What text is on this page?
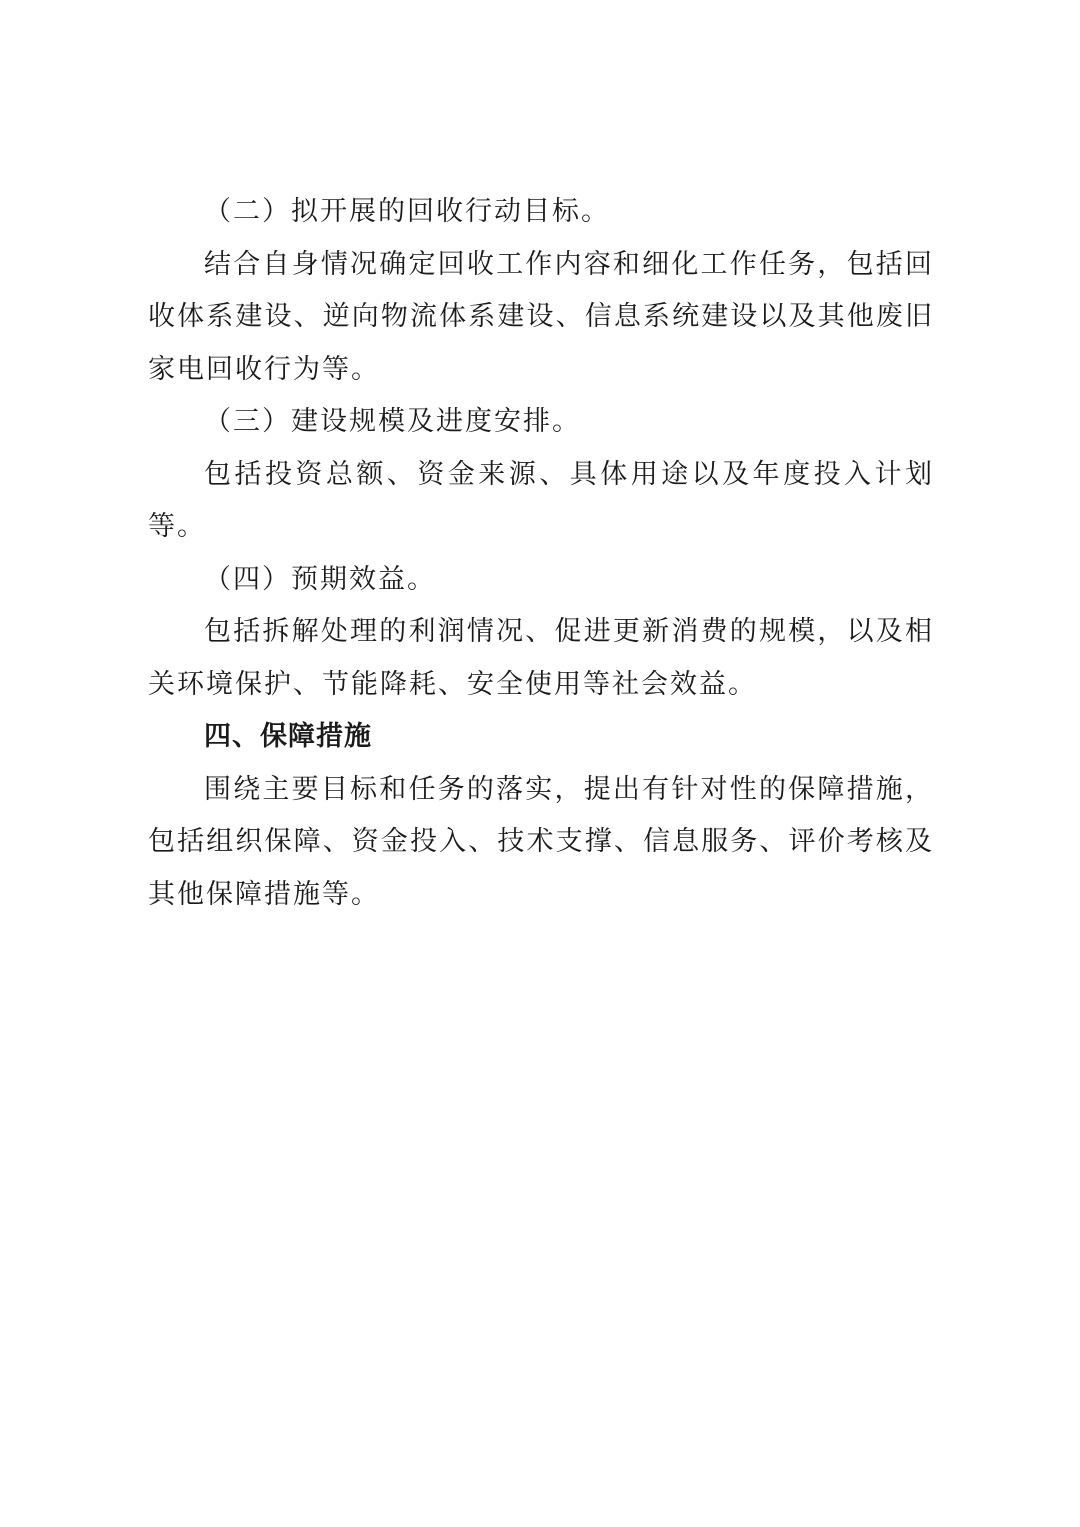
（二）拟开展的回收行动目标。

结合自身情况确定回收工作内容和细化工作任务，包括回收体系建设、逆向物流体系建设、信息系统建设以及其他废旧家电回收行为等。

（三）建设规模及进度安排。

包括投资总额、资金来源、具体用途以及年度投入计划等。

（四）预期效益。

包括拆解处理的利润情况、促进更新消费的规模，以及相关环境保护、节能降耗、安全使用等社会效益。

四、保障措施

围绕主要目标和任务的落实，提出有针对性的保障措施，包括组织保障、资金投入、技术支撑、信息服务、评价考核及其他保障措施等。
